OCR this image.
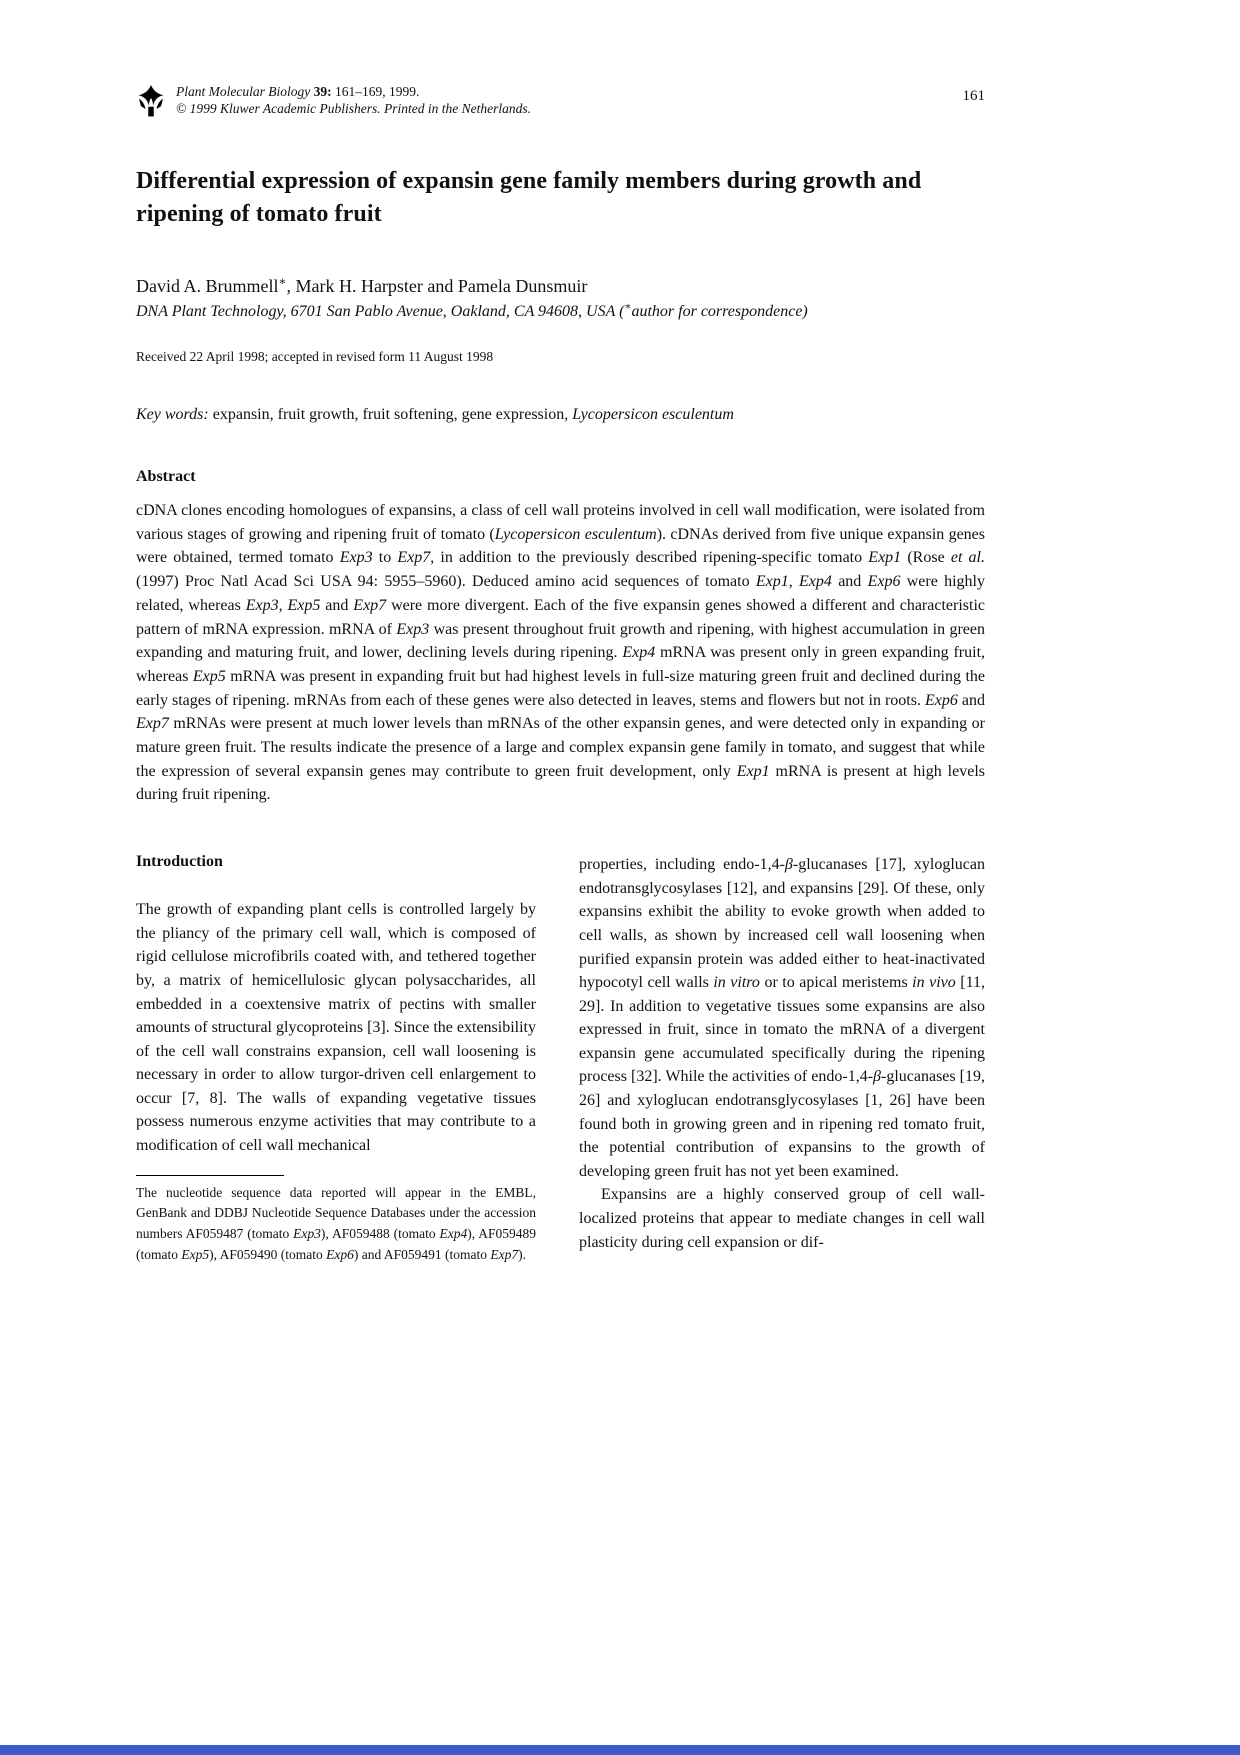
Plant Molecular Biology 39: 161–169, 1999.
© 1999 Kluwer Academic Publishers. Printed in the Netherlands.
161
Differential expression of expansin gene family members during growth and ripening of tomato fruit
David A. Brummell∗, Mark H. Harpster and Pamela Dunsmuir
DNA Plant Technology, 6701 San Pablo Avenue, Oakland, CA 94608, USA (∗author for correspondence)
Received 22 April 1998; accepted in revised form 11 August 1998
Key words: expansin, fruit growth, fruit softening, gene expression, Lycopersicon esculentum
Abstract

cDNA clones encoding homologues of expansins, a class of cell wall proteins involved in cell wall modification, were isolated from various stages of growing and ripening fruit of tomato (Lycopersicon esculentum). cDNAs derived from five unique expansin genes were obtained, termed tomato Exp3 to Exp7, in addition to the previously described ripening-specific tomato Exp1 (Rose et al. (1997) Proc Natl Acad Sci USA 94: 5955–5960). Deduced amino acid sequences of tomato Exp1, Exp4 and Exp6 were highly related, whereas Exp3, Exp5 and Exp7 were more divergent. Each of the five expansin genes showed a different and characteristic pattern of mRNA expression. mRNA of Exp3 was present throughout fruit growth and ripening, with highest accumulation in green expanding and maturing fruit, and lower, declining levels during ripening. Exp4 mRNA was present only in green expanding fruit, whereas Exp5 mRNA was present in expanding fruit but had highest levels in full-size maturing green fruit and declined during the early stages of ripening. mRNAs from each of these genes were also detected in leaves, stems and flowers but not in roots. Exp6 and Exp7 mRNAs were present at much lower levels than mRNAs of the other expansin genes, and were detected only in expanding or mature green fruit. The results indicate the presence of a large and complex expansin gene family in tomato, and suggest that while the expression of several expansin genes may contribute to green fruit development, only Exp1 mRNA is present at high levels during fruit ripening.

Introduction

The growth of expanding plant cells is controlled largely by the pliancy of the primary cell wall, which is composed of rigid cellulose microfibrils coated with, and tethered together by, a matrix of hemicellulosic glycan polysaccharides, all embedded in a coextensive matrix of pectins with smaller amounts of structural glycoproteins [3]. Since the extensibility of the cell wall constrains expansion, cell wall loosening is necessary in order to allow turgor-driven cell enlargement to occur [7, 8]. The walls of expanding vegetative tissues possess numerous enzyme activities that may contribute to a modification of cell wall mechanical

The nucleotide sequence data reported will appear in the EMBL, GenBank and DDBJ Nucleotide Sequence Databases under the accession numbers AF059487 (tomato Exp3), AF059488 (tomato Exp4), AF059489 (tomato Exp5), AF059490 (tomato Exp6) and AF059491 (tomato Exp7).

properties, including endo-1,4-β-glucanases [17], xyloglucan endotransglycosylases [12], and expansins [29]. Of these, only expansins exhibit the ability to evoke growth when added to cell walls, as shown by increased cell wall loosening when purified expansin protein was added either to heat-inactivated hypocotyl cell walls in vitro or to apical meristems in vivo [11, 29]. In addition to vegetative tissues some expansins are also expressed in fruit, since in tomato the mRNA of a divergent expansin gene accumulated specifically during the ripening process [32]. While the activities of endo-1,4-β-glucanases [19, 26] and xyloglucan endotransglycosylases [1, 26] have been found both in growing green and in ripening red tomato fruit, the potential contribution of expansins to the growth of developing green fruit has not yet been examined.

Expansins are a highly conserved group of cell wall-localized proteins that appear to mediate changes in cell wall plasticity during cell expansion or dif-
